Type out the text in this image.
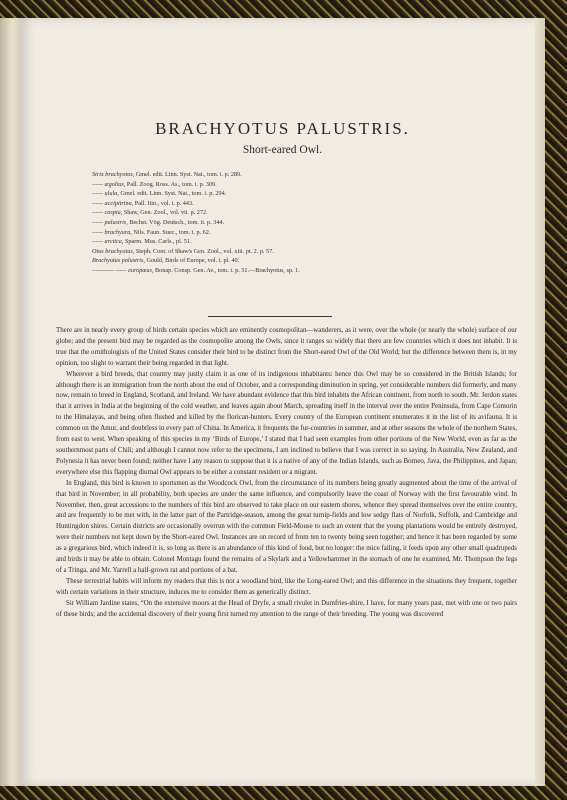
BRACHYOTUS PALUSTRIS.
Short-eared Owl.
Strix brachyotos, Gmel. edit. Linn. Syst. Nat., tom. i. p. 289.
—— ægolius, Pall. Zoog. Ross. As., tom. i. p. 309.
—— ulula, Gmel. edit. Linn. Syst. Nat., tom. i. p. 294.
—— accipitrina, Pall. Itin., vol. i. p. 443.
—— caspia, Shaw, Gen. Zool., vol. vii. p. 272.
—— palustris, Bechst. Vög. Deutsch., tom. ii. p. 344.
—— brachyura, Nils. Faun. Suec., tom. i. p. 62.
—— arctica, Sparm. Mus. Carls., pl. 51.
Otus brachyotus, Steph. Cont. of Shaw's Gen. Zool., vol. xiii. pt. 2. p. 57.
Brachyotus palustris, Gould, Birds of Europe, vol. i. pl. 40.
———— —— europæus, Bonap. Consp. Gen. Av., tom. i. p. 51.—Brachyotus, sp. 1.

There are in nearly every group of birds certain species which are eminently cosmopolitan—wanderers, as it were, over the whole (or nearly the whole) surface of our globe; and the present bird may be regarded as the cosmopolite among the Owls, since it ranges so widely that there are few countries which it does not inhabit. It is true that the ornithologists of the United States consider their bird to be distinct from the Short-eared Owl of the Old World; but the difference between them is, in my opinion, too slight to warrant their being regarded in that light.

Wherever a bird breeds, that country may justly claim it as one of its indigenous inhabitants: hence this Owl may be so considered in the British Islands; for although there is an immigration from the north about the end of October, and a corresponding diminution in spring, yet considerable numbers did formerly, and many now, remain to breed in England, Scotland, and Ireland. We have abundant evidence that this bird inhabits the African continent, from north to south. Mr. Jerdon states that it arrives in India at the beginning of the cold weather, and leaves again about March, spreading itself in the interval over the entire Peninsula, from Cape Comorin to the Himalayas, and being often flushed and killed by the florican-hunters. Every country of the European continent enumerates it in the list of its avifauna. It is common on the Amur, and doubtless in every part of China. In America, it frequents the fur-countries in summer, and at other seasons the whole of the northern States, from east to west. When speaking of this species in my ‘Birds of Europe,’ I stated that I had seen examples from other portions of the New World, even as far as the southernmost parts of Chili; and although I cannot now refer to the specimens, I am inclined to believe that I was correct in so saying. In Australia, New Zealand, and Polynesia it has never been found; neither have I any reason to suppose that it is a native of any of the Indian Islands, such as Borneo, Java, the Philippines, and Japan; everywhere else this flapping diurnal Owl appears to be either a constant resident or a migrant.

In England, this bird is known to sportsmen as the Woodcock Owl, from the circumstance of its numbers being greatly augmented about the time of the arrival of that bird in November; in all probability, both species are under the same influence, and compulsorily leave the coast of Norway with the first favourable wind. In November, then, great accessions to the numbers of this bird are observed to take place on our eastern shores, whence they spread themselves over the entire country, and are frequently to be met with, in the latter part of the Partridge-season, among the great turnip-fields and low sedgy flats of Norfolk, Suffolk, and Cambridge and Huntingdon shires. Certain districts are occasionally overrun with the common Field-Mouse to such an extent that the young plantations would be entirely destroyed, were their numbers not kept down by the Short-eared Owl. Instances are on record of from ten to twenty being seen together; and hence it has been regarded by some as a gregarious bird, which indeed it is, so long as there is an abundance of this kind of food, but no longer: the mice failing, it feeds upon any other small quadrupeds and birds it may be able to obtain. Colonel Montagu found the remains of a Skylark and a Yellowhammer in the stomach of one he examined, Mr. Thompson the legs of a Tringa, and Mr. Yarrell a half-grown rat and portions of a bat.

These terrestrial habits will inform my readers that this is not a woodland bird, like the Long-eared Owl; and this difference in the situations they frequent, together with certain variations in their structure, induces me to consider them as generically distinct.

Sir William Jardine states, “On the extensive moors at the Head of Dryfe, a small rivulet in Dumfries-shire, I have, for many years past, met with one or two pairs of these birds; and the accidental discovery of their young first turned my attention to the range of their breeding. The young was discovered
